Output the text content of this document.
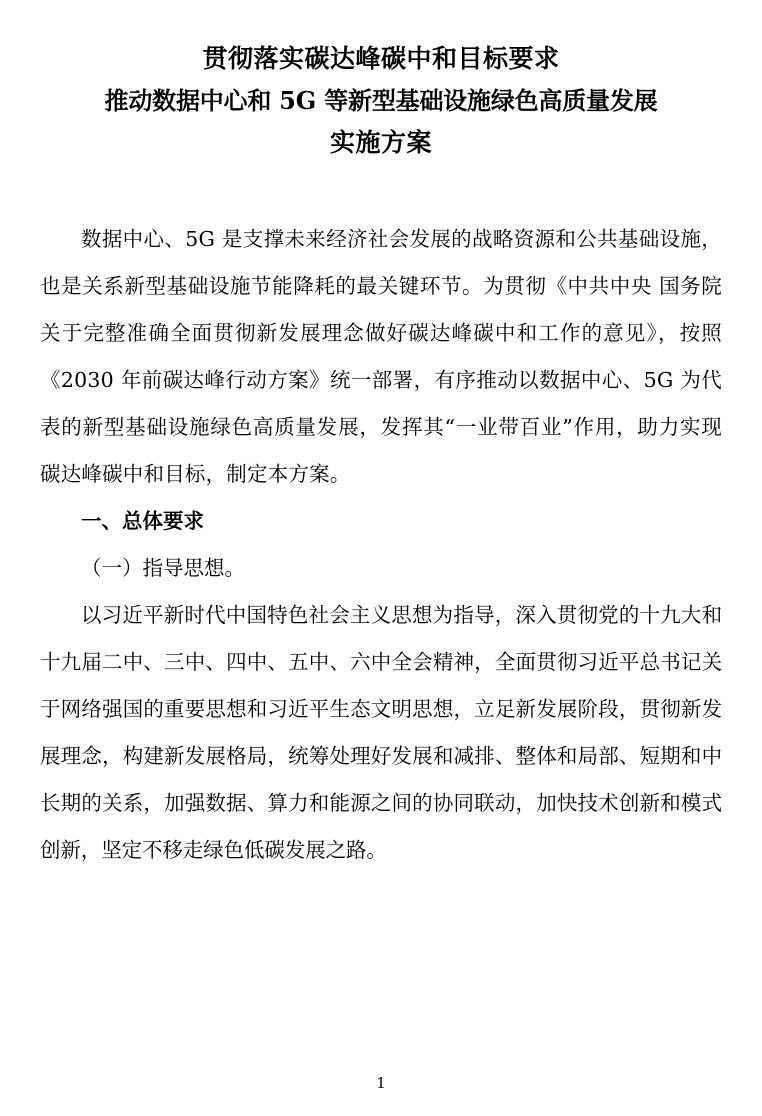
贯彻落实碳达峰碳中和目标要求
推动数据中心和 5G 等新型基础设施绿色高质量发展
实施方案

数据中心、5G 是支撑未来经济社会发展的战略资源和公共基础设施，也是关系新型基础设施节能降耗的最关键环节。为贯彻《中共中央 国务院关于完整准确全面贯彻新发展理念做好碳达峰碳中和工作的意见》，按照《2030 年前碳达峰行动方案》统一部署，有序推动以数据中心、5G 为代表的新型基础设施绿色高质量发展，发挥其“一业带百业”作用，助力实现碳达峰碳中和目标，制定本方案。

一、总体要求

（一）指导思想。

以习近平新时代中国特色社会主义思想为指导，深入贯彻党的十九大和十九届二中、三中、四中、五中、六中全会精神，全面贯彻习近平总书记关于网络强国的重要思想和习近平生态文明思想，立足新发展阶段，贯彻新发展理念，构建新发展格局，统筹处理好发展和减排、整体和局部、短期和中长期的关系，加强数据、算力和能源之间的协同联动，加快技术创新和模式创新，坚定不移走绿色低碳发展之路。

1
